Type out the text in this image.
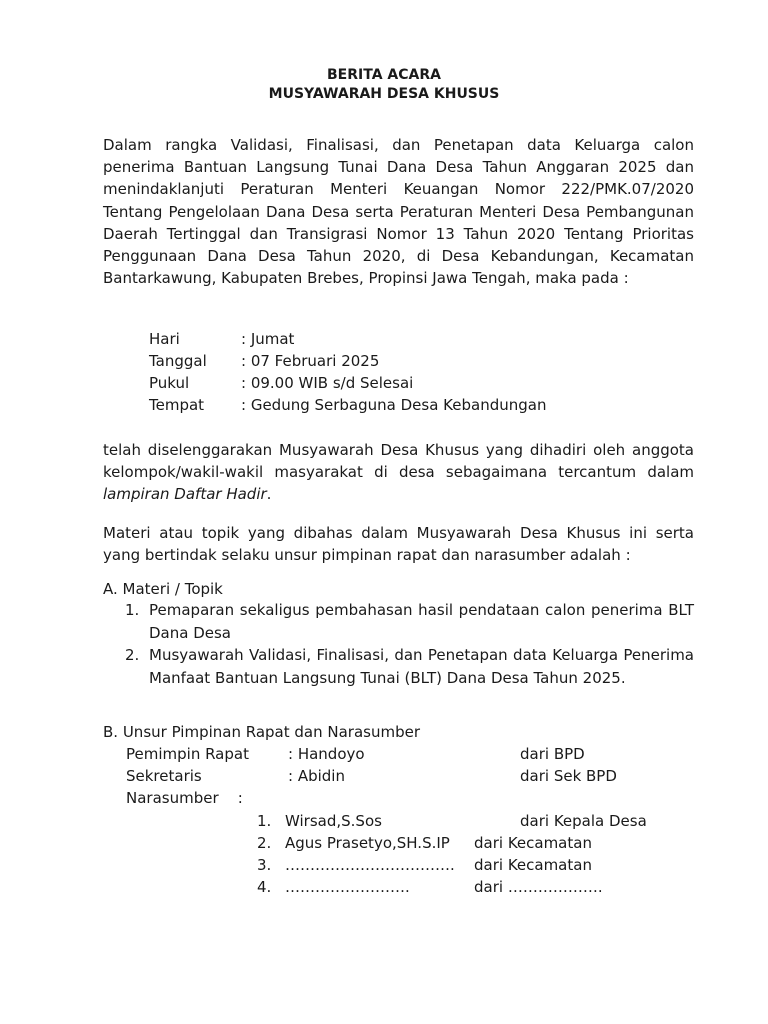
BERITA ACARA
MUSYAWARAH DESA KHUSUS
Dalam rangka Validasi, Finalisasi, dan Penetapan data Keluarga calon penerima Bantuan Langsung Tunai Dana Desa Tahun Anggaran 2025 dan menindaklanjuti Peraturan Menteri Keuangan Nomor 222/PMK.07/2020 Tentang Pengelolaan Dana Desa serta Peraturan Menteri Desa Pembangunan Daerah Tertinggal dan Transigrasi Nomor 13 Tahun 2020 Tentang Prioritas Penggunaan Dana Desa Tahun 2020, di Desa Kebandungan, Kecamatan Bantarkawung, Kabupaten Brebes, Propinsi Jawa Tengah, maka pada :
Hari	: Jumat
Tanggal : 07 Februari 2025
Pukul	: 09.00 WIB s/d Selesai
Tempat : Gedung Serbaguna Desa Kebandungan
telah diselenggarakan Musyawarah Desa Khusus yang dihadiri oleh anggota kelompok/wakil-wakil masyarakat di desa sebagaimana tercantum dalam lampiran Daftar Hadir.
Materi atau topik yang dibahas dalam Musyawarah Desa Khusus ini serta yang bertindak selaku unsur pimpinan rapat dan narasumber adalah :
A. Materi / Topik
1. Pemaparan sekaligus pembahasan hasil pendataan calon penerima BLT Dana Desa
2. Musyawarah Validasi, Finalisasi, dan Penetapan data Keluarga Penerima Manfaat Bantuan Langsung Tunai (BLT) Dana Desa Tahun 2025.
B. Unsur Pimpinan Rapat dan Narasumber
Pemimpin Rapat	: Handoyo	dari BPD
Sekretaris	: Abidin	dari Sek BPD
Narasumber    :
1. Wirsad,S.Sos	dari Kepala Desa
2. Agus Prasetyo,SH.S.IP dari Kecamatan
3. ……………………………. dari Kecamatan
4. …………………….	dari ……………….
